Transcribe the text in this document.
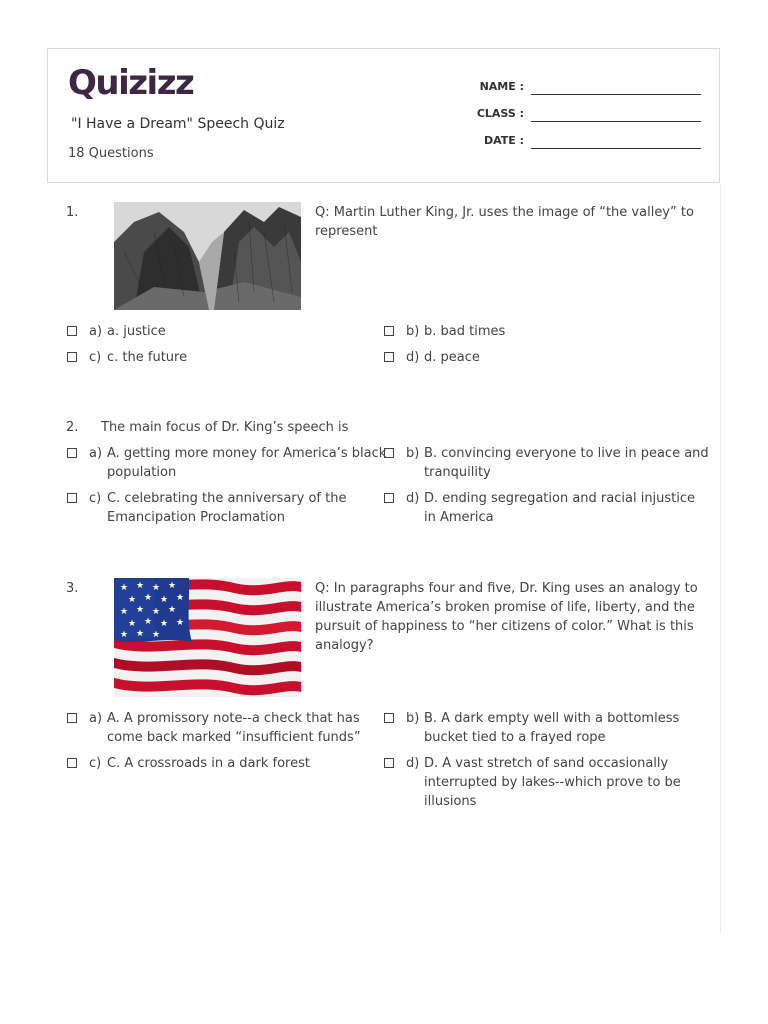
Quizizz
"I Have a Dream" Speech Quiz
18 Questions
NAME :
CLASS :
DATE :
1.	Q: Martin Luther King, Jr. uses the image of “the valley” to represent
a) a. justice	b) b. bad times
c) c. the future	d) d. peace
2. The main focus of Dr. King’s speech is
a) A. getting more money for America’s black
population
b) B. convincing everyone to live in peace and
tranquility
c) C. celebrating the anniversary of the
Emancipation Proclamation
d) D. ending segregation and racial injustice
in America
3.	★ ★ ★ ★
★ ★ ★ ★
★ ★ ★ ★
★ ★ ★ ★
★ ★ ★
Q: In paragraphs four and five, Dr. King uses an analogy to
illustrate America’s broken promise of life, liberty, and the
pursuit of happiness to “her citizens of color.” What is this
analogy?
a) A. A promissory note--a check that has
come back marked “insufficient funds”
b) B. A dark empty well with a bottomless
bucket tied to a frayed rope
c) C. A crossroads in a dark forest	d) D. A vast stretch of sand occasionally
interrupted by lakes--which prove to be
illusions
